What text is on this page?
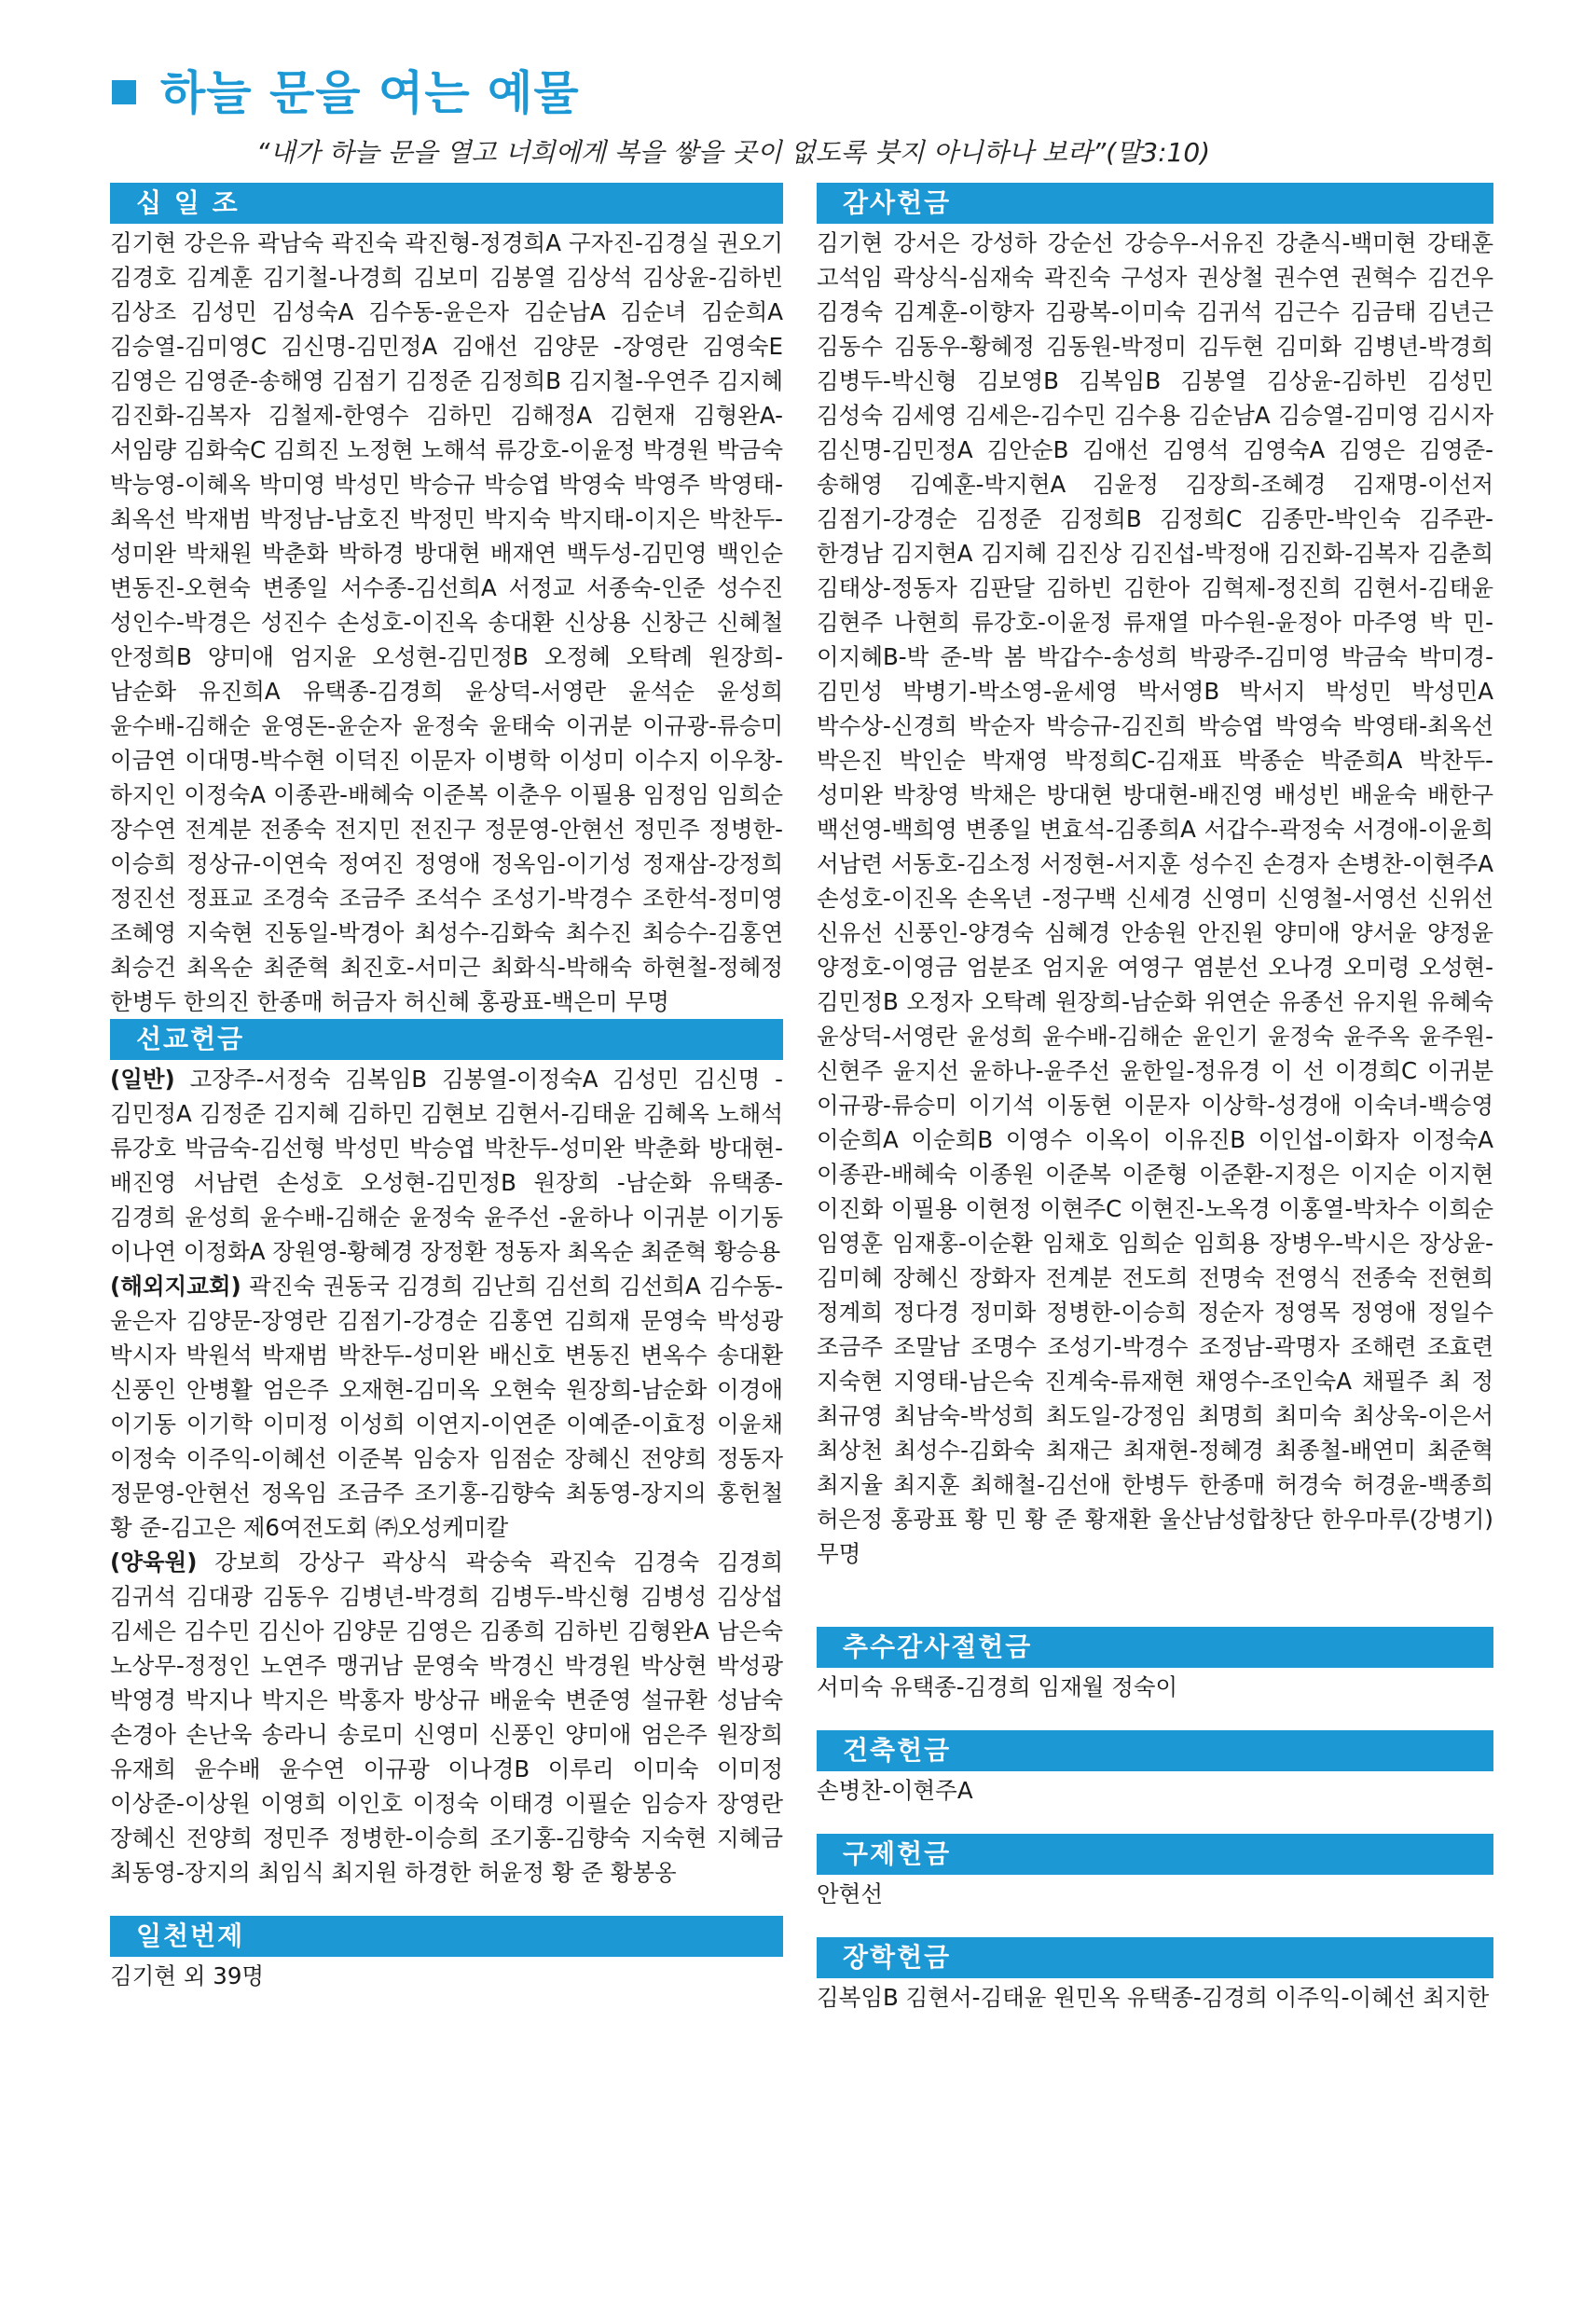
하늘 문을 여는 예물
“내가 하늘 문을 열고 너희에게 복을 쌓을 곳이 없도록 붓지 아니하나 보라”(말3:10)
십 일 조
김기현 강은유 곽남숙 곽진숙 곽진형-정경희A 구자진-김경실 권오기 김경호 김계훈 김기철-나경희 김보미 김봉열 김상석 김상윤-김하빈 김상조 김성민 김성숙A 김수동-윤은자 김순남A 김순녀 김순희A 김승열-김미영C 김신명-김민정A 김애선 김양문 -장영란 김영숙E 김영은 김영준-송해영 김점기 김정준 김정희B 김지철-우연주 김지혜 김진화-김복자 김철제-한영수 김하민 김해정A 김현재 김형완A-서임량 김화숙C 김희진 노정현 노해석 류강호-이윤정 박경원 박금숙 박능영-이혜옥 박미영 박성민 박승규 박승엽 박영숙 박영주 박영태-최옥선 박재범 박정남-남호진 박정민 박지숙 박지태-이지은 박찬두-성미완 박채원 박춘화 박하경 방대현 배재연 백두성-김민영 백인순 변동진-오현숙 변종일 서수종-김선희A 서정교 서종숙-인준 성수진 성인수-박경은 성진수 손성호-이진옥 송대환 신상용 신창근 신혜철 안정희B 양미애 엄지윤 오성현-김민정B 오정혜 오탁례 원장희-남순화 유진희A 유택종-김경희 윤상덕-서영란 윤석순 윤성희 윤수배-김해순 윤영돈-윤순자 윤정숙 윤태숙 이귀분 이규광-류승미 이금연 이대명-박수현 이덕진 이문자 이병학 이성미 이수지 이우창-하지인 이정숙A 이종관-배혜숙 이준복 이춘우 이필용 임정임 임희순 장수연 전계분 전종숙 전지민 전진구 정문영-안현선 정민주 정병한-이승희 정상규-이연숙 정여진 정영애 정옥임-이기성 정재삼-강정희 정진선 정표교 조경숙 조금주 조석수 조성기-박경수 조한석-정미영 조혜영 지숙현 진동일-박경아 최성수-김화숙 최수진 최승수-김홍연 최승건 최옥순 최준혁 최진호-서미근 최화식-박해숙 하현철-정혜정 한병두 한의진 한종매 허금자 허신혜 홍광표-백은미 무명
선교헌금

(일반) 고장주-서정숙 김복임B 김봉열-이정숙A 김성민 김신명 -김민정A 김정준 김지혜 김하민 김현보 김현서-김태윤 김혜옥 노해석 류강호 박금숙-김선형 박성민 박승엽 박찬두-성미완 박춘화 방대현-배진영 서남련 손성호 오성현-김민정B 원장희 -남순화 유택종-김경희 윤성희 윤수배-김해순 윤정숙 윤주선 -윤하나 이귀분 이기동 이나연 이정화A 장원영-황혜경 장정환 정동자 최옥순 최준혁 황승용

(해외지교회) 곽진숙 권동국 김경희 김난희 김선희 김선희A 김수동-윤은자 김양문-장영란 김점기-강경순 김홍연 김희재 문영숙 박성광 박시자 박원석 박재범 박찬두-성미완 배신호 변동진 변옥수 송대환 신풍인 안병활 엄은주 오재현-김미옥 오현숙 원장희-남순화 이경애 이기동 이기학 이미정 이성희 이연지-이연준 이예준-이효정 이윤채 이정숙 이주익-이혜선 이준복 임숭자 임점순 장혜신 전양희 정동자 정문영-안현선 정옥임 조금주 조기홍-김향숙 최동영-장지의 홍헌철 황 준-김고은 제6여전도회 ㈜오성케미칼

(양육원) 강보희 강상구 곽상식 곽숭숙 곽진숙 김경숙 김경희 김귀석 김대광 김동우 김병년-박경희 김병두-박신형 김병성 김상섭 김세은 김수민 김신아 김양문 김영은 김종희 김하빈 김형완A 남은숙 노상무-정정인 노연주 맹귀남 문영숙 박경신 박경원 박상현 박성광 박영경 박지나 박지은 박홍자 방상규 배윤숙 변준영 설규환 성남숙 손경아 손난욱 송라니 송로미 신영미 신풍인 양미애 엄은주 원장희 유재희 윤수배 윤수연 이규광 이나경B 이루리 이미숙 이미정 이상준-이상원 이영희 이인호 이정숙 이태경 이필순 임승자 장영란 장혜신 전양희 정민주 정병한-이승희 조기홍-김향숙 지숙현 지혜금 최동영-장지의 최임식 최지원 하경한 허윤정 황 준 황봉옹

일천번제
김기현 외 39명
감사헌금
김기현 강서은 강성하 강순선 강승우-서유진 강춘식-백미현 강태훈 고석임 곽상식-심재숙 곽진숙 구성자 권상철 권수연 권혁수 김건우 김경숙 김계훈-이향자 김광복-이미숙 김귀석 김근수 김금태 김년근 김동수 김동우-황혜정 김동원-박정미 김두현 김미화 김병년-박경희 김병두-박신형 김보영B 김복임B 김봉열 김상윤-김하빈 김성민 김성숙 김세영 김세은-김수민 김수용 김순남A 김승열-김미영 김시자 김신명-김민정A 김안순B 김애선 김영석 김영숙A 김영은 김영준-송해영 김예훈-박지현A 김윤정 김장희-조혜경 김재명-이선저 김점기-강경순 김정준 김정희B 김정희C 김종만-박인숙 김주관-한경남 김지현A 김지혜 김진상 김진섭-박정애 김진화-김복자 김춘희 김태상-정동자 김판달 김하빈 김한아 김혁제-정진희 김현서-김태윤 김현주 나현희 류강호-이윤정 류재열 마수원-윤정아 마주영 박 민-이지혜B-박 준-박 봄 박갑수-송성희 박광주-김미영 박금숙 박미경-김민성 박병기-박소영-윤세영 박서영B 박서지 박성민 박성민A 박수상-신경희 박순자 박승규-김진희 박승엽 박영숙 박영태-최옥선 박은진 박인순 박재영 박정희C-김재표 박종순 박준희A 박찬두-성미완 박창영 박채은 방대현 방대현-배진영 배성빈 배윤숙 배한구 백선영-백희영 변종일 변효석-김종희A 서갑수-곽정숙 서경애-이윤희 서남련 서동호-김소정 서정현-서지훈 성수진 손경자 손병찬-이현주A 손성호-이진옥 손옥년 -정구백 신세경 신영미 신영철-서영선 신위선 신유선 신풍인-양경숙 심혜경 안송원 안진원 양미애 양서윤 양정윤 양정호-이영금 엄분조 엄지윤 여영구 염분선 오나경 오미령 오성현-김민정B 오정자 오탁례 원장희-남순화 위연순 유종선 유지원 유혜숙 윤상덕-서영란 윤성희 윤수배-김해순 윤인기 윤정숙 윤주옥 윤주원-신현주 윤지선 윤하나-윤주선 윤한일-정유경 이 선 이경희C 이귀분 이규광-류승미 이기석 이동현 이문자 이상학-성경애 이숙녀-백승영 이순희A 이순희B 이영수 이옥이 이유진B 이인섭-이화자 이정숙A 이종관-배혜숙 이종원 이준복 이준형 이준환-지정은 이지순 이지현 이진화 이필용 이현정 이현주C 이현진-노옥경 이홍열-박차수 이희순 임영훈 임재홍-이순환 임채호 임희순 임희용 장병우-박시은 장상윤-김미혜 장혜신 장화자 전계분 전도희 전명숙 전영식 전종숙 전현희 정계희 정다경 정미화 정병한-이승희 정순자 정영목 정영애 정일수 조금주 조말남 조명수 조성기-박경수 조정남-곽명자 조해련 조효련 지숙현 지영태-남은숙 진계숙-류재현 채영수-조인숙A 채필주 최 정 최규영 최남숙-박성희 최도일-강정임 최명희 최미숙 최상욱-이은서 최상천 최성수-김화숙 최재근 최재현-정혜경 최종철-배연미 최준혁 최지율 최지훈 최해철-김선애 한병두 한종매 허경숙 허경윤-백종희 허은정 홍광표 황 민 황 준 황재환 울산남성합창단 한우마루(강병기) 무명
추수감사절헌금
서미숙 유택종-김경희 임재월 정숙이
건축헌금
손병찬-이현주A
구제헌금
안현선
장학헌금
김복임B 김현서-김태윤 원민옥 유택종-김경희 이주익-이혜선 최지한
